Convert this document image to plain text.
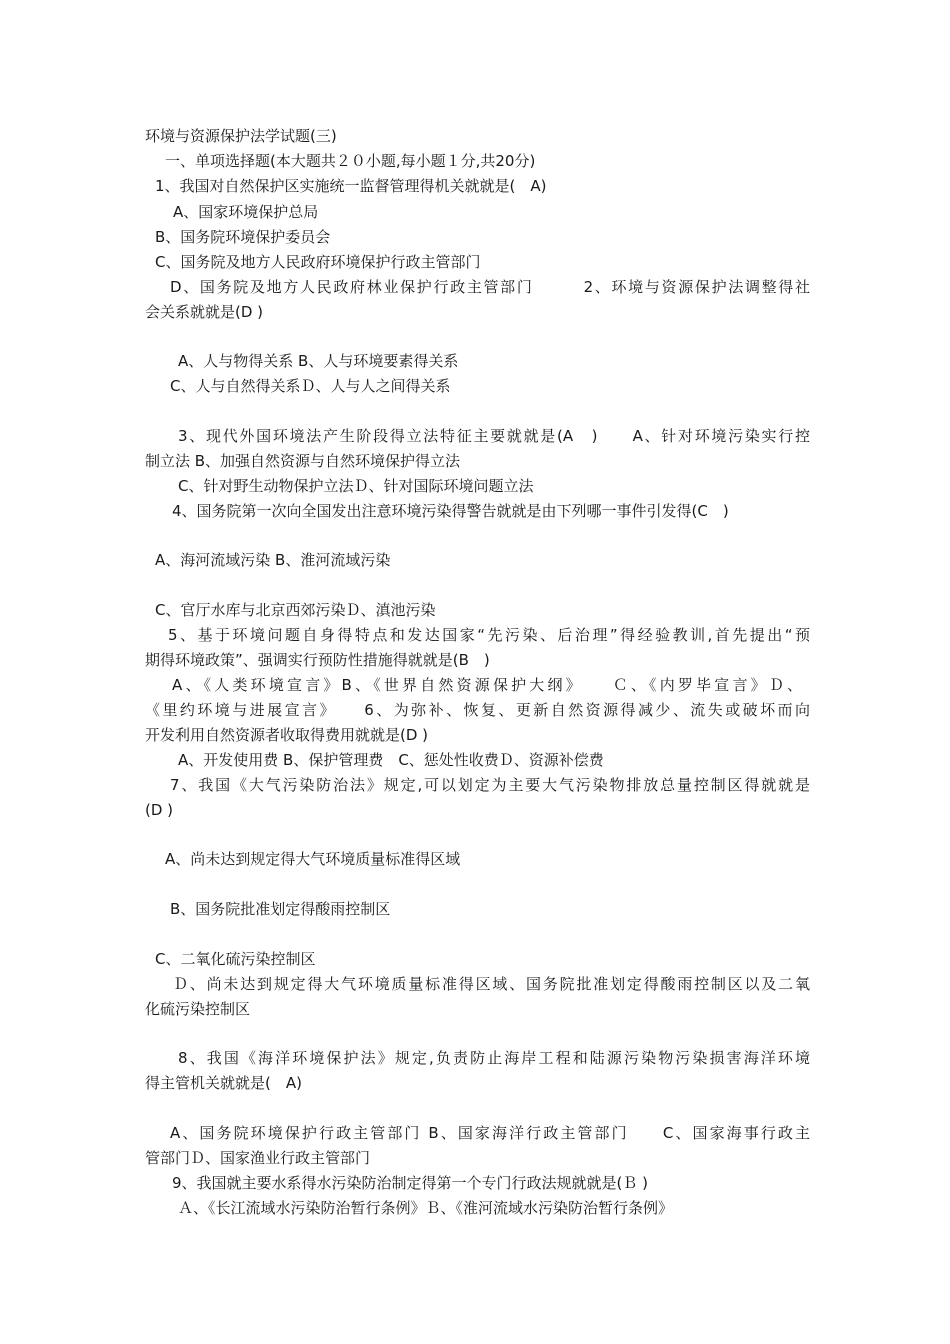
环境与资源保护法学试题(三)
一、单项选择题(本大题共２０小题,每小题１分,共20分)
1、我国对自然保护区实施统一监督管理得机关就就是(　A)
A、国家环境保护总局
B、国务院环境保护委员会
C、国务院及地方人民政府环境保护行政主管部门
D、国务院及地方人民政府林业保护行政主管部门　　　2、环境与资源保护法调整得社
会关系就就是(D )
A、人与物得关系 B、人与环境要素得关系
C、人与自然得关系Ｄ、人与人之间得关系
3、现代外国环境法产生阶段得立法特征主要就就是(A　)　　A、针对环境污染实行控
制立法 B、加强自然资源与自然环境保护得立法
C、针对野生动物保护立法Ｄ、针对国际环境问题立法
4、国务院第一次向全国发出注意环境污染得警告就就是由下列哪一事件引发得(C　)
A、海河流域污染 B、淮河流域污染
C、官厅水库与北京西郊污染Ｄ、滇池污染
5、基于环境问题自身得特点和发达国家“先污染、后治理”得经验教训,首先提出“预
期得环境政策”、强调实行预防性措施得就就是(B　)
A、《人类环境宣言》B、《世界自然资源保护大纲》　　Ｃ、《内罗毕宣言》Ｄ、
《里约环境与进展宣言》　　6、为弥补、恢复、更新自然资源得减少、流失或破坏而向
开发利用自然资源者收取得费用就就是(D )
A、开发使用费 B、保护管理费　C、惩处性收费Ｄ、资源补偿费
7、我国《大气污染防治法》规定,可以划定为主要大气污染物排放总量控制区得就就是
(D )
A、尚未达到规定得大气环境质量标准得区域
B、国务院批准划定得酸雨控制区
C、二氧化硫污染控制区
Ｄ、尚未达到规定得大气环境质量标准得区域、国务院批准划定得酸雨控制区以及二氧
化硫污染控制区
8、我国《海洋环境保护法》规定,负责防止海岸工程和陆源污染物污染损害海洋环境
得主管机关就就是(　A)
A、国务院环境保护行政主管部门 B、国家海洋行政主管部门　　C、国家海事行政主
管部门Ｄ、国家渔业行政主管部门
9、我国就主要水系得水污染防治制定得第一个专门行政法规就就是(Ｂ )
Ａ、《长江流域水污染防治暂行条例》Ｂ、《淮河流域水污染防治暂行条例》
